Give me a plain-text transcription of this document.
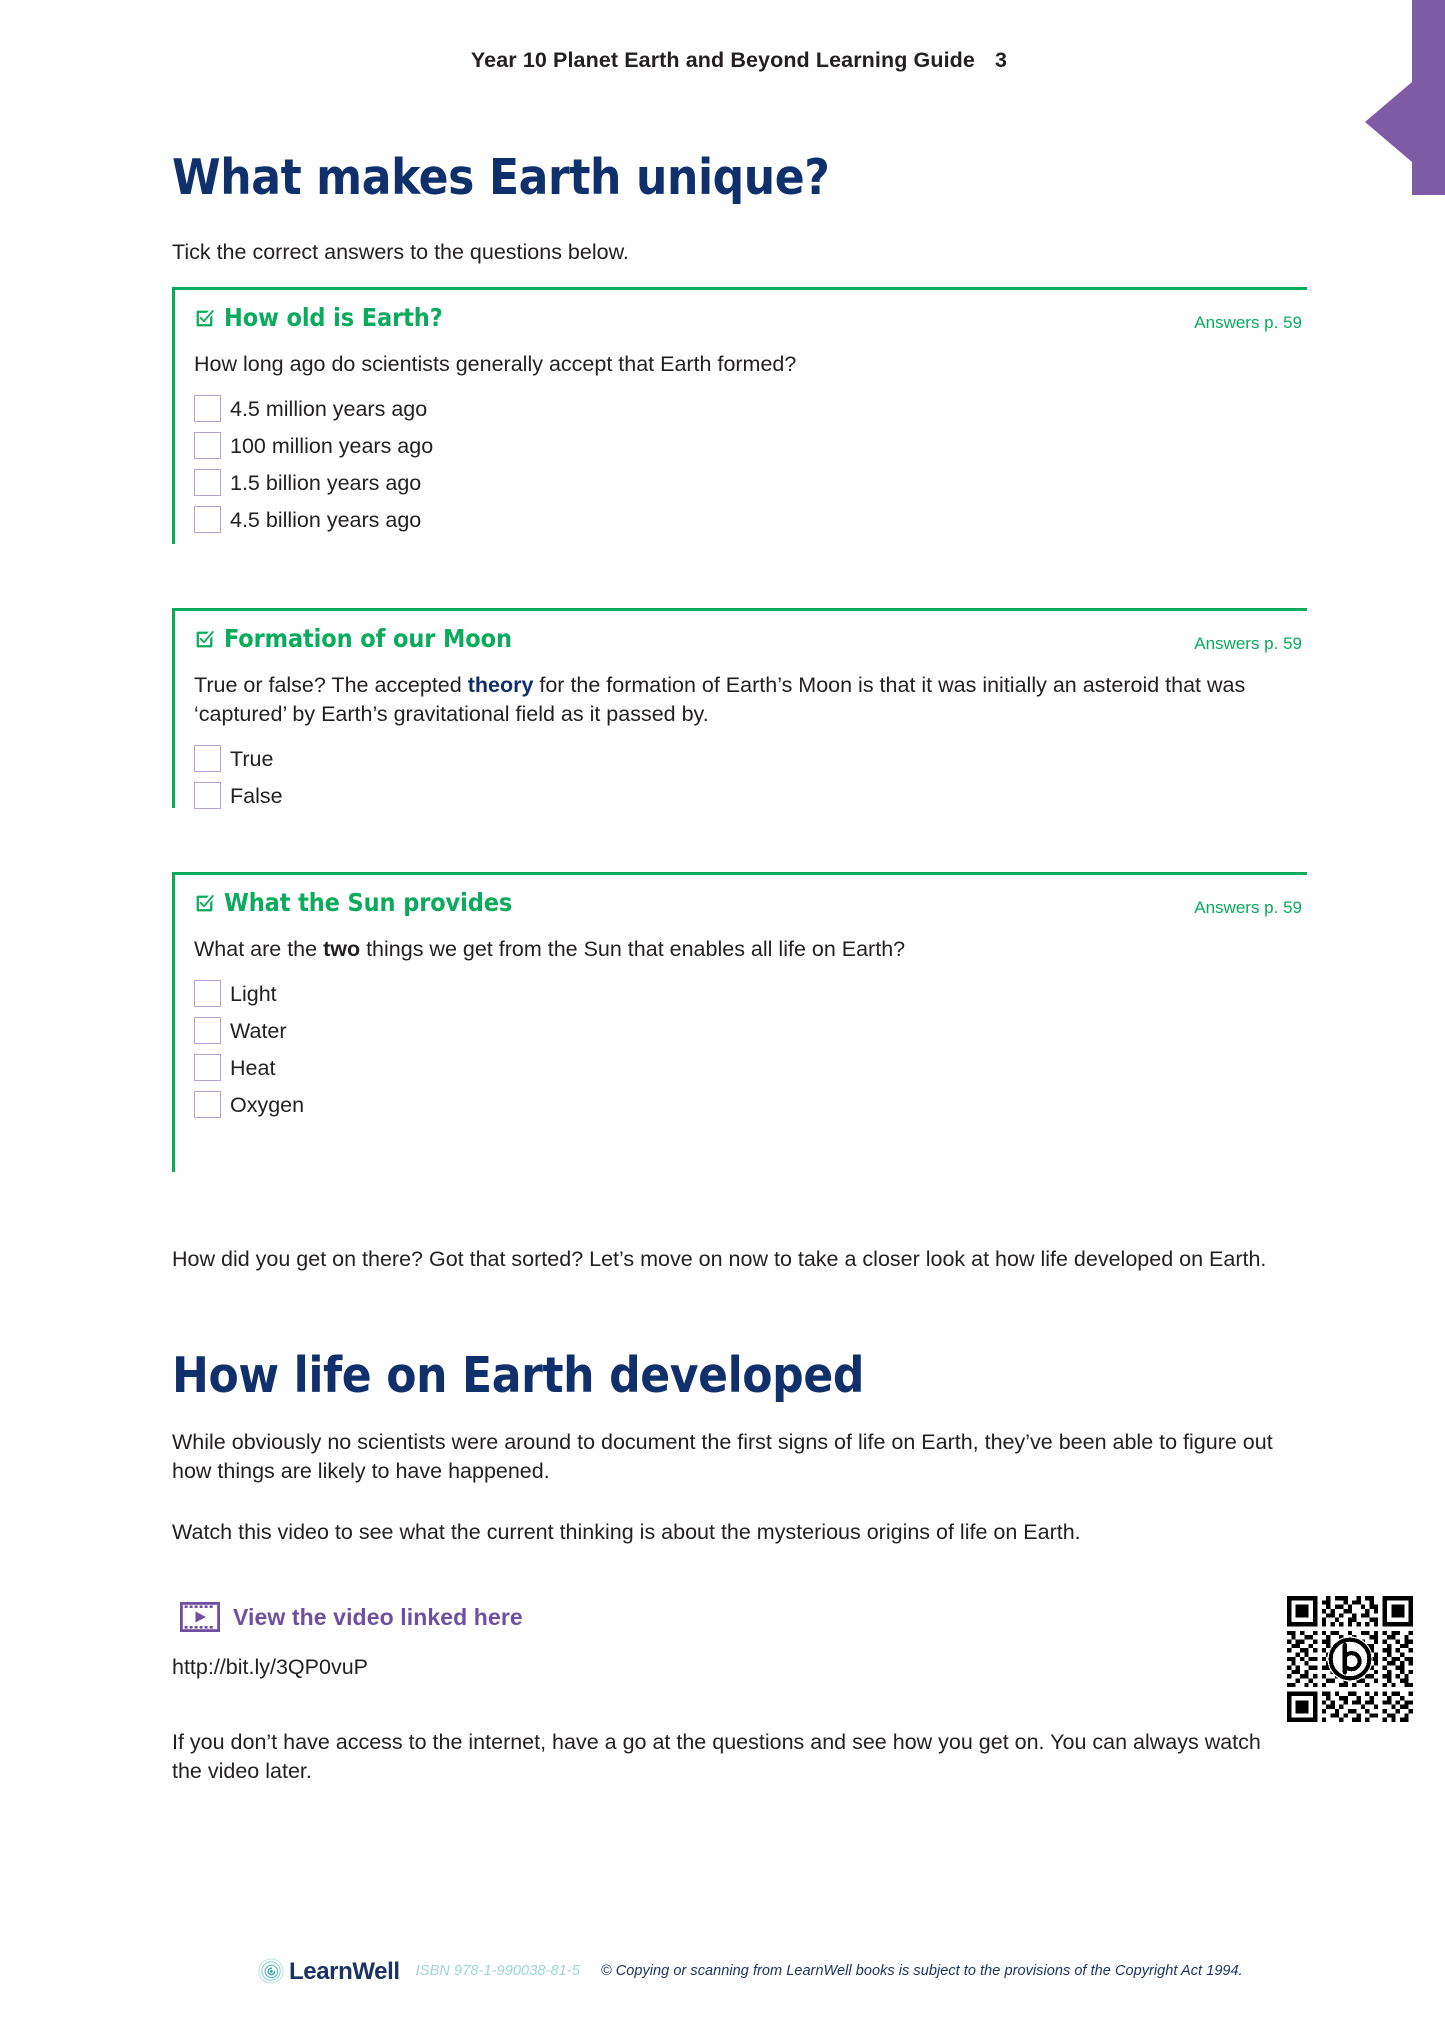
Year 10 Planet Earth and Beyond Learning Guide 3
What makes Earth unique?

Tick the correct answers to the questions below.

How old is Earth?	Answers p. 59
How long ago do scientists generally accept that Earth formed?
4.5 million years ago
100 million years ago
1.5 billion years ago
4.5 billion years ago
Formation of our Moon	Answers p. 59
True or false? The accepted theory for the formation of Earth’s Moon is that it was initially an asteroid that was ‘captured’ by Earth’s gravitational field as it passed by.
True
False
What the Sun provides	Answers p. 59
What are the two things we get from the Sun that enables all life on Earth?
Light
Water
Heat
Oxygen

How did you get on there? Got that sorted? Let’s move on now to take a closer look at how life developed on Earth.

How life on Earth developed

While obviously no scientists were around to document the first signs of life on Earth, they’ve been able to figure out how things are likely to have happened.

Watch this video to see what the current thinking is about the mysterious origins of life on Earth.

View the video linked here
http://bit.ly/3QP0vuP

If you don’t have access to the internet, have a go at the questions and see how you get on. You can always watch the video later.

LearnWell ISBN 978-1-990038-81-5 © Copying or scanning from LearnWell books is subject to the provisions of the Copyright Act 1994.
